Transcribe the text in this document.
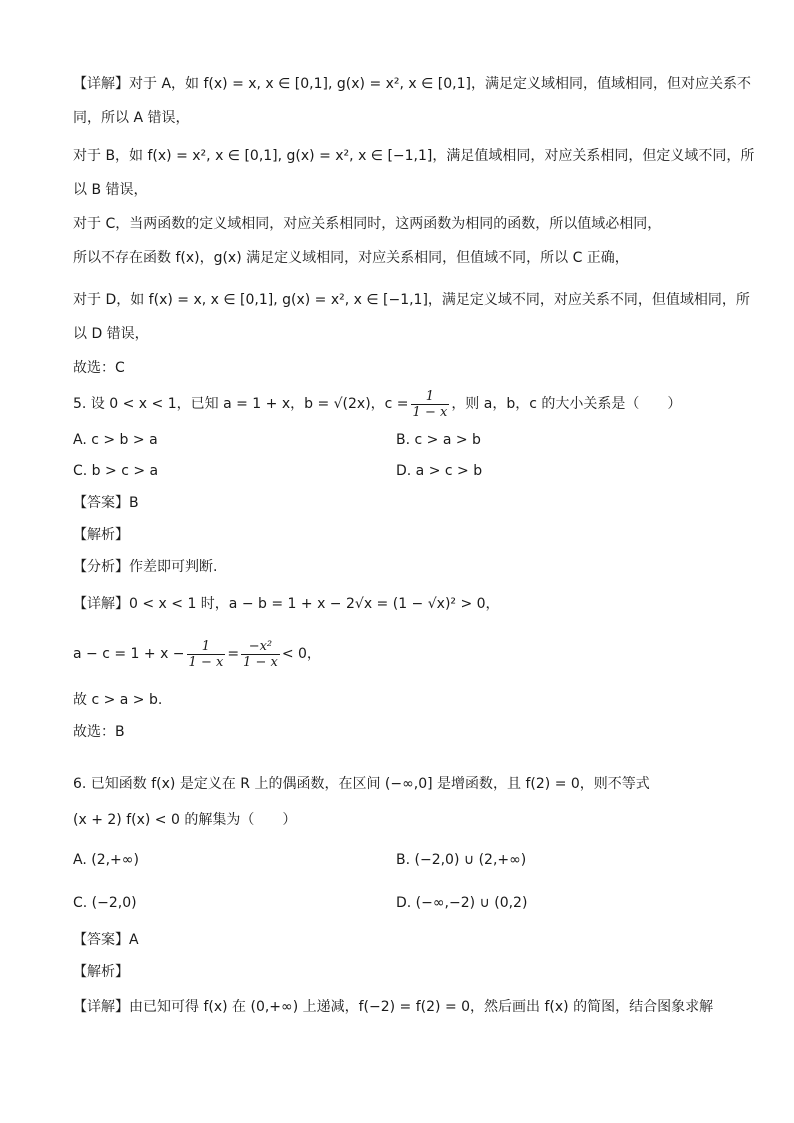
【详解】对于 A，如 f(x) = x, x ∈ [0,1], g(x) = x², x ∈ [0,1]，满足定义域相同，值域相同，但对应关系不
同，所以 A 错误，
对于 B，如 f(x) = x², x ∈ [0,1], g(x) = x², x ∈ [−1,1]，满足值域相同，对应关系相同，但定义域不同，所
以 B 错误，
对于 C，当两函数的定义域相同，对应关系相同时，这两函数为相同的函数，所以值域必相同，
所以不存在函数 f(x)，g(x) 满足定义域相同，对应关系相同，但值域不同，所以 C 正确，
对于 D，如 f(x) = x, x ∈ [0,1], g(x) = x², x ∈ [−1,1]，满足定义域不同，对应关系不同，但值域相同，所
以 D 错误，
故选：C
5. 设 0 < x < 1，已知 a = 1 + x，b = √(2x)，$c = \frac{1}{1 - x}$ ，则 a，b，c 的大小关系是（　　）
A. c > b > a	B. c > a > b
C. b > c > a	D. a > c > b
【答案】B
【解析】
【分析】作差即可判断.
【详解】0 < x < 1 时，a − b = 1 + x − 2√x = (1 − √x)² > 0，
$a - c = 1 + x - \frac{1}{1 - x} = \frac{\text{−x²}}{1 - x} < 0$，
故 c > a > b.
故选：B
6. 已知函数 f(x) 是定义在 R 上的偶函数，在区间 (−∞,0] 是增函数，且 f(2) = 0，则不等式
(x + 2) f(x) < 0 的解集为（　　）
A. (2,+∞)	B. (−2,0) ∪ (2,+∞)
C. (−2,0)	D. (−∞,−2) ∪ (0,2)
【答案】A
【解析】
【详解】由已知可得 f(x) 在 (0,+∞) 上递减，f(−2) = f(2) = 0，然后画出 f(x) 的简图，结合图象求解
